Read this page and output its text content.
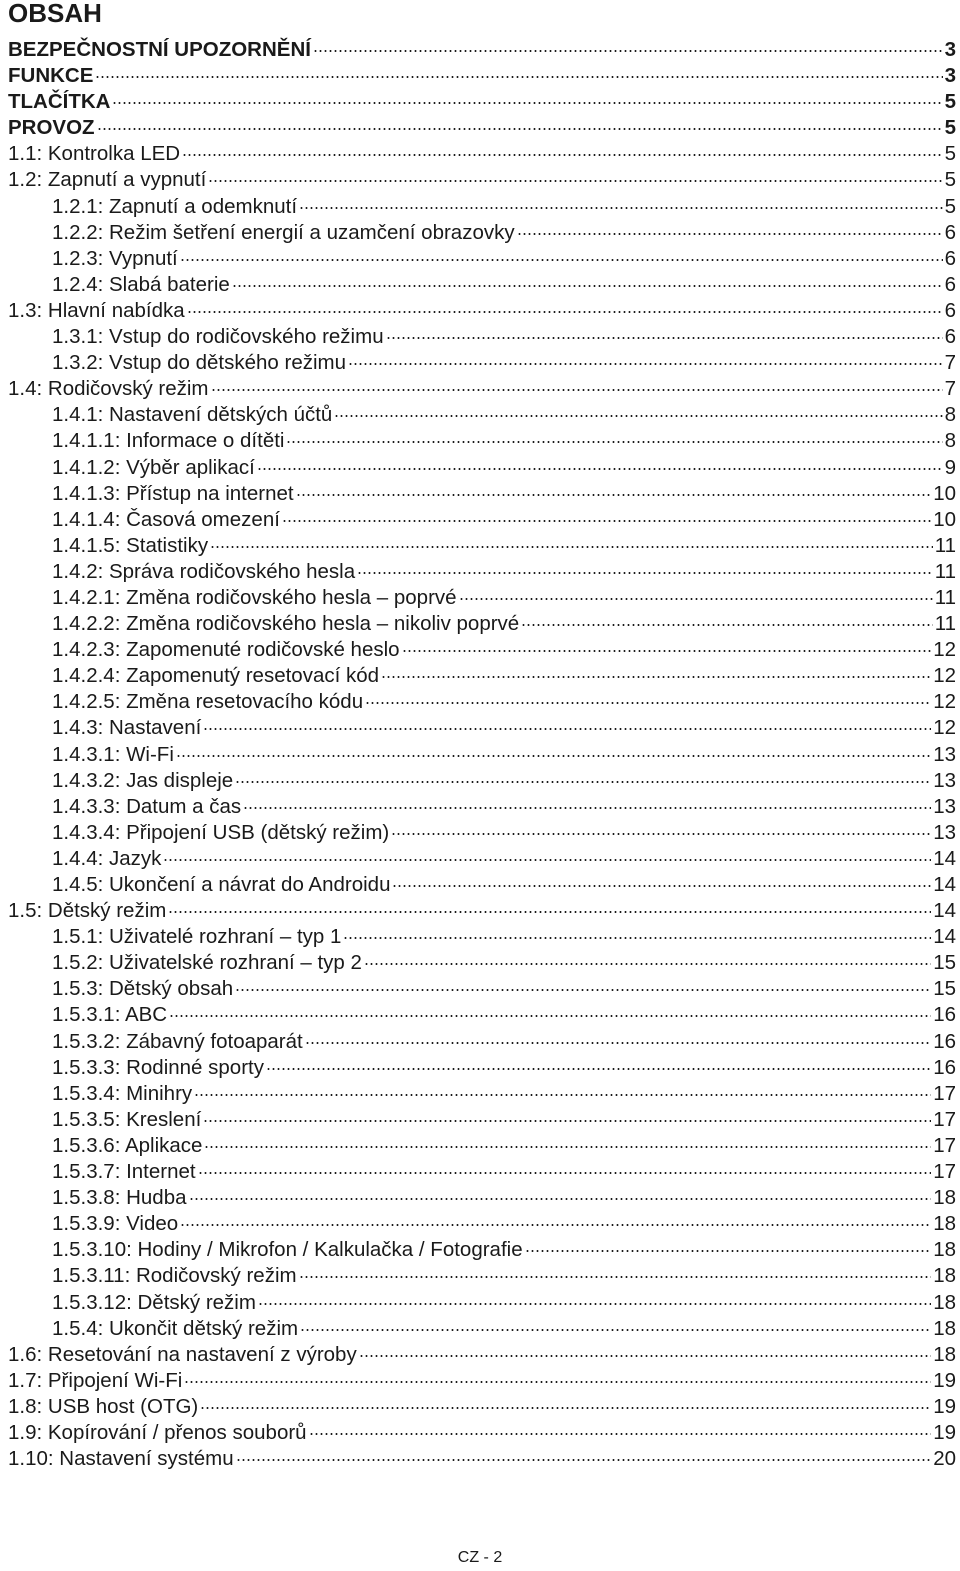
OBSAH
BEZPEČNOSTNÍ UPOZORNĚNÍ	3
FUNKCE	3
TLAČÍTKA	5
PROVOZ	5
1.1: Kontrolka LED	5
1.2: Zapnutí a vypnutí	5
1.2.1: Zapnutí a odemknutí	5
1.2.2: Režim šetření energií a uzamčení obrazovky	6
1.2.3: Vypnutí	6
1.2.4: Slabá baterie	6
1.3: Hlavní nabídka	6
1.3.1: Vstup do rodičovského režimu	6
1.3.2: Vstup do dětského režimu	7
1.4: Rodičovský režim	7
1.4.1: Nastavení dětských účtů	8
1.4.1.1: Informace o dítěti	8
1.4.1.2: Výběr aplikací	9
1.4.1.3: Přístup na internet	10
1.4.1.4: Časová omezení	10
1.4.1.5: Statistiky	11
1.4.2: Správa rodičovského hesla	11
1.4.2.1: Změna rodičovského hesla – poprvé	11
1.4.2.2: Změna rodičovského hesla – nikoliv poprvé	11
1.4.2.3: Zapomenuté rodičovské heslo	12
1.4.2.4: Zapomenutý resetovací kód	12
1.4.2.5: Změna resetovacího kódu	12
1.4.3: Nastavení	12
1.4.3.1: Wi-Fi	13
1.4.3.2: Jas displeje	13
1.4.3.3: Datum a čas	13
1.4.3.4: Připojení USB (dětský režim)	13
1.4.4: Jazyk	14
1.4.5: Ukončení a návrat do Androidu	14
1.5: Dětský režim	14
1.5.1: Uživatelé rozhraní – typ 1	14
1.5.2: Uživatelské rozhraní – typ 2	15
1.5.3: Dětský obsah	15
1.5.3.1: ABC	16
1.5.3.2: Zábavný fotoaparát	16
1.5.3.3: Rodinné sporty	16
1.5.3.4: Minihry	17
1.5.3.5: Kreslení	17
1.5.3.6: Aplikace	17
1.5.3.7: Internet	17
1.5.3.8: Hudba	18
1.5.3.9: Video	18
1.5.3.10: Hodiny / Mikrofon / Kalkulačka / Fotografie	18
1.5.3.11: Rodičovský režim	18
1.5.3.12: Dětský režim	18
1.5.4: Ukončit dětský režim	18
1.6: Resetování na nastavení z výroby	18
1.7: Připojení Wi-Fi	19
1.8: USB host (OTG)	19
1.9: Kopírování / přenos souborů	19
1.10: Nastavení systému	20
CZ - 2
